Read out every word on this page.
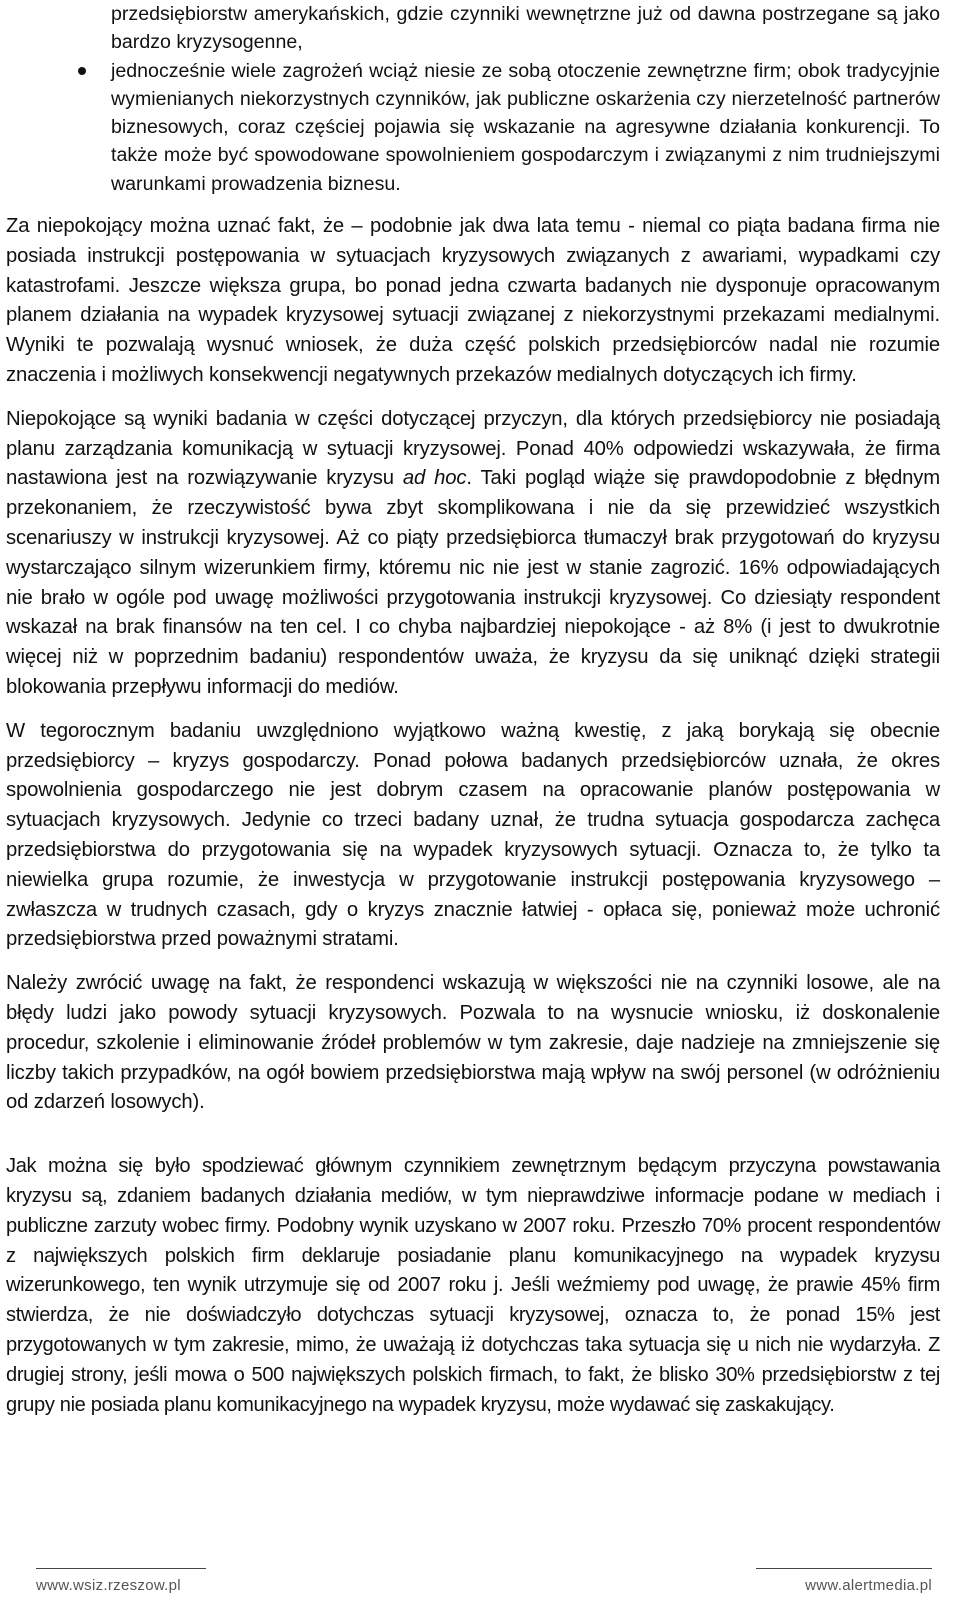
przedsiębiorstw amerykańskich, gdzie czynniki wewnętrzne już od dawna postrzegane są jako bardzo kryzysogenne,
jednocześnie wiele zagrożeń wciąż niesie ze sobą otoczenie zewnętrzne firm; obok tradycyjnie wymienianych niekorzystnych czynników, jak publiczne oskarżenia czy nierzetelność partnerów biznesowych, coraz częściej pojawia się wskazanie na agresywne działania konkurencji. To także może być spowodowane spowolnieniem gospodarczym i związanymi z nim trudniejszymi warunkami prowadzenia biznesu.

Za niepokojący można uznać fakt, że – podobnie jak dwa lata temu - niemal co piąta badana firma nie posiada instrukcji postępowania w sytuacjach kryzysowych związanych z awariami, wypadkami czy katastrofami. Jeszcze większa grupa, bo ponad jedna czwarta badanych nie dysponuje opracowanym planem działania na wypadek kryzysowej sytuacji związanej z niekorzystnymi przekazami medialnymi. Wyniki te pozwalają wysnuć wniosek, że duża część polskich przedsiębiorców nadal nie rozumie znaczenia i możliwych konsekwencji negatywnych przekazów medialnych dotyczących ich firmy.

Niepokojące są wyniki badania w części dotyczącej przyczyn, dla których przedsiębiorcy nie posiadają planu zarządzania komunikacją w sytuacji kryzysowej. Ponad 40% odpowiedzi wskazywała, że firma nastawiona jest na rozwiązywanie kryzysu ad hoc. Taki pogląd wiąże się prawdopodobnie z błędnym przekonaniem, że rzeczywistość bywa zbyt skomplikowana i nie da się przewidzieć wszystkich scenariuszy w instrukcji kryzysowej. Aż co piąty przedsiębiorca tłumaczył brak przygotowań do kryzysu wystarczająco silnym wizerunkiem firmy, któremu nic nie jest w stanie zagrozić. 16% odpowiadających nie brało w ogóle pod uwagę możliwości przygotowania instrukcji kryzysowej. Co dziesiąty respondent wskazał na brak finansów na ten cel. I co chyba najbardziej niepokojące - aż 8% (i jest to dwukrotnie więcej niż w poprzednim badaniu) respondentów uważa, że kryzysu da się uniknąć dzięki strategii blokowania przepływu informacji do mediów.

W tegorocznym badaniu uwzględniono wyjątkowo ważną kwestię, z jaką borykają się obecnie przedsiębiorcy – kryzys gospodarczy. Ponad połowa badanych przedsiębiorców uznała, że okres spowolnienia gospodarczego nie jest dobrym czasem na opracowanie planów postępowania w sytuacjach kryzysowych. Jedynie co trzeci badany uznał, że trudna sytuacja gospodarcza zachęca przedsiębiorstwa do przygotowania się na wypadek kryzysowych sytuacji. Oznacza to, że tylko ta niewielka grupa rozumie, że inwestycja w przygotowanie instrukcji postępowania kryzysowego – zwłaszcza w trudnych czasach, gdy o kryzys znacznie łatwiej - opłaca się, ponieważ może uchronić przedsiębiorstwa przed poważnymi stratami.

Należy zwrócić uwagę na fakt, że respondenci wskazują w większości nie na czynniki losowe, ale na błędy ludzi jako powody sytuacji kryzysowych. Pozwala to na wysnucie wniosku, iż doskonalenie procedur, szkolenie i eliminowanie źródeł problemów w tym zakresie, daje nadzieje na zmniejszenie się liczby takich przypadków, na ogół bowiem przedsiębiorstwa mają wpływ na swój personel (w odróżnieniu od zdarzeń losowych).

Jak można się było spodziewać głównym czynnikiem zewnętrznym będącym przyczyna powstawania kryzysu są, zdaniem badanych działania mediów, w tym nieprawdziwe informacje podane w mediach i publiczne zarzuty wobec firmy. Podobny wynik uzyskano w 2007 roku. Przeszło 70% procent respondentów z największych polskich firm deklaruje posiadanie planu komunikacyjnego na wypadek kryzysu wizerunkowego, ten wynik utrzymuje się od 2007 roku j. Jeśli weźmiemy pod uwagę, że prawie 45% firm stwierdza, że nie doświadczyło dotychczas sytuacji kryzysowej, oznacza to, że ponad 15% jest przygotowanych w tym zakresie, mimo, że uważają iż dotychczas taka sytuacja się u nich nie wydarzyła. Z drugiej strony, jeśli mowa o 500 największych polskich firmach, to fakt, że blisko 30% przedsiębiorstw z tej grupy nie posiada planu komunikacyjnego na wypadek kryzysu, może wydawać się zaskakujący.

www.wsiz.rzeszow.pl	www.alertmedia.pl
